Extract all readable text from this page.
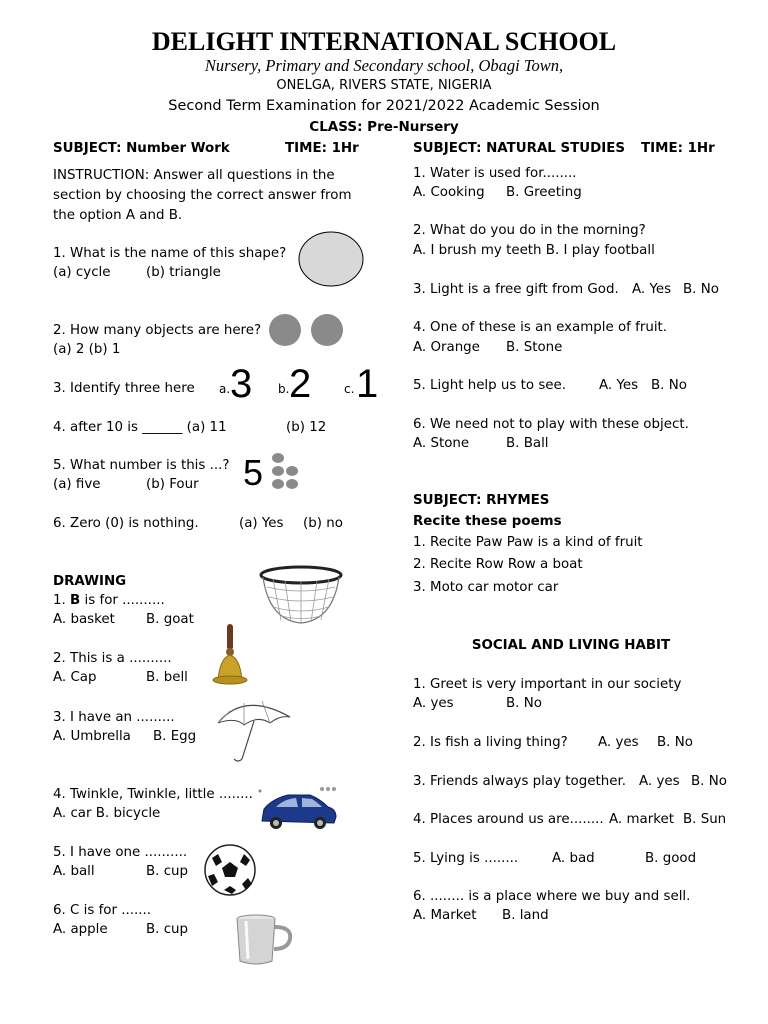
DELIGHT INTERNATIONAL SCHOOL
Nursery, Primary and Secondary school, Obagi Town,
ONELGA, RIVERS STATE, NIGERIA
Second Term Examination for 2021/2022 Academic Session
CLASS: Pre-Nursery
SUBJECT: Number Work	TIME: 1Hr
INSTRUCTION: Answer all questions in the
section by choosing the correct answer from
the option A and B.
1. What is the name of this shape?
(a) cycle	(b) triangle
2. How many objects are here?
(a) 2 (b) 1
3. Identify three here a. 3 b. 2	c. 1
4. after 10 is ______ (a) 11	(b) 12
5. What number is this ...?
(a) five	(b) Four 5
6. Zero (0) is nothing.	(a) Yes (b) no
DRAWING
1. B is for ..........
A. basket B. goat
2. This is a ..........
A. Cap	B. bell
3. I have an .........
A. Umbrella B. Egg
4. Twinkle, Twinkle, little ........
A. car B. bicycle
5. I have one ..........
A. ball	B. cup
6. C is for .......
A. apple	B. cup
SUBJECT: NATURAL STUDIES TIME: 1Hr
1. Water is used for........
A. Cooking B. Greeting
2. What do you do in the morning?
A. I brush my teeth B. I play football
3. Light is a free gift from God. A. Yes B. No
4. One of these is an example of fruit.
A. Orange B. Stone
5. Light help us to see. A. Yes B. No
6. We need not to play with these object.
A. Stone	B. Ball
SUBJECT: RHYMES
Recite these poems
1. Recite Paw Paw is a kind of fruit
2. Recite Row Row a boat
3. Moto car motor car
SOCIAL AND LIVING HABIT
1. Greet is very important in our society
A. yes	B. No
2. Is fish a living thing? A. yes B. No
3. Friends always play together. A. yes B. No
4. Places around us are........ A. market B. Sun
5. Lying is ........	A. bad	B. good
6. ........ is a place where we buy and sell.
A. Market      B. land
